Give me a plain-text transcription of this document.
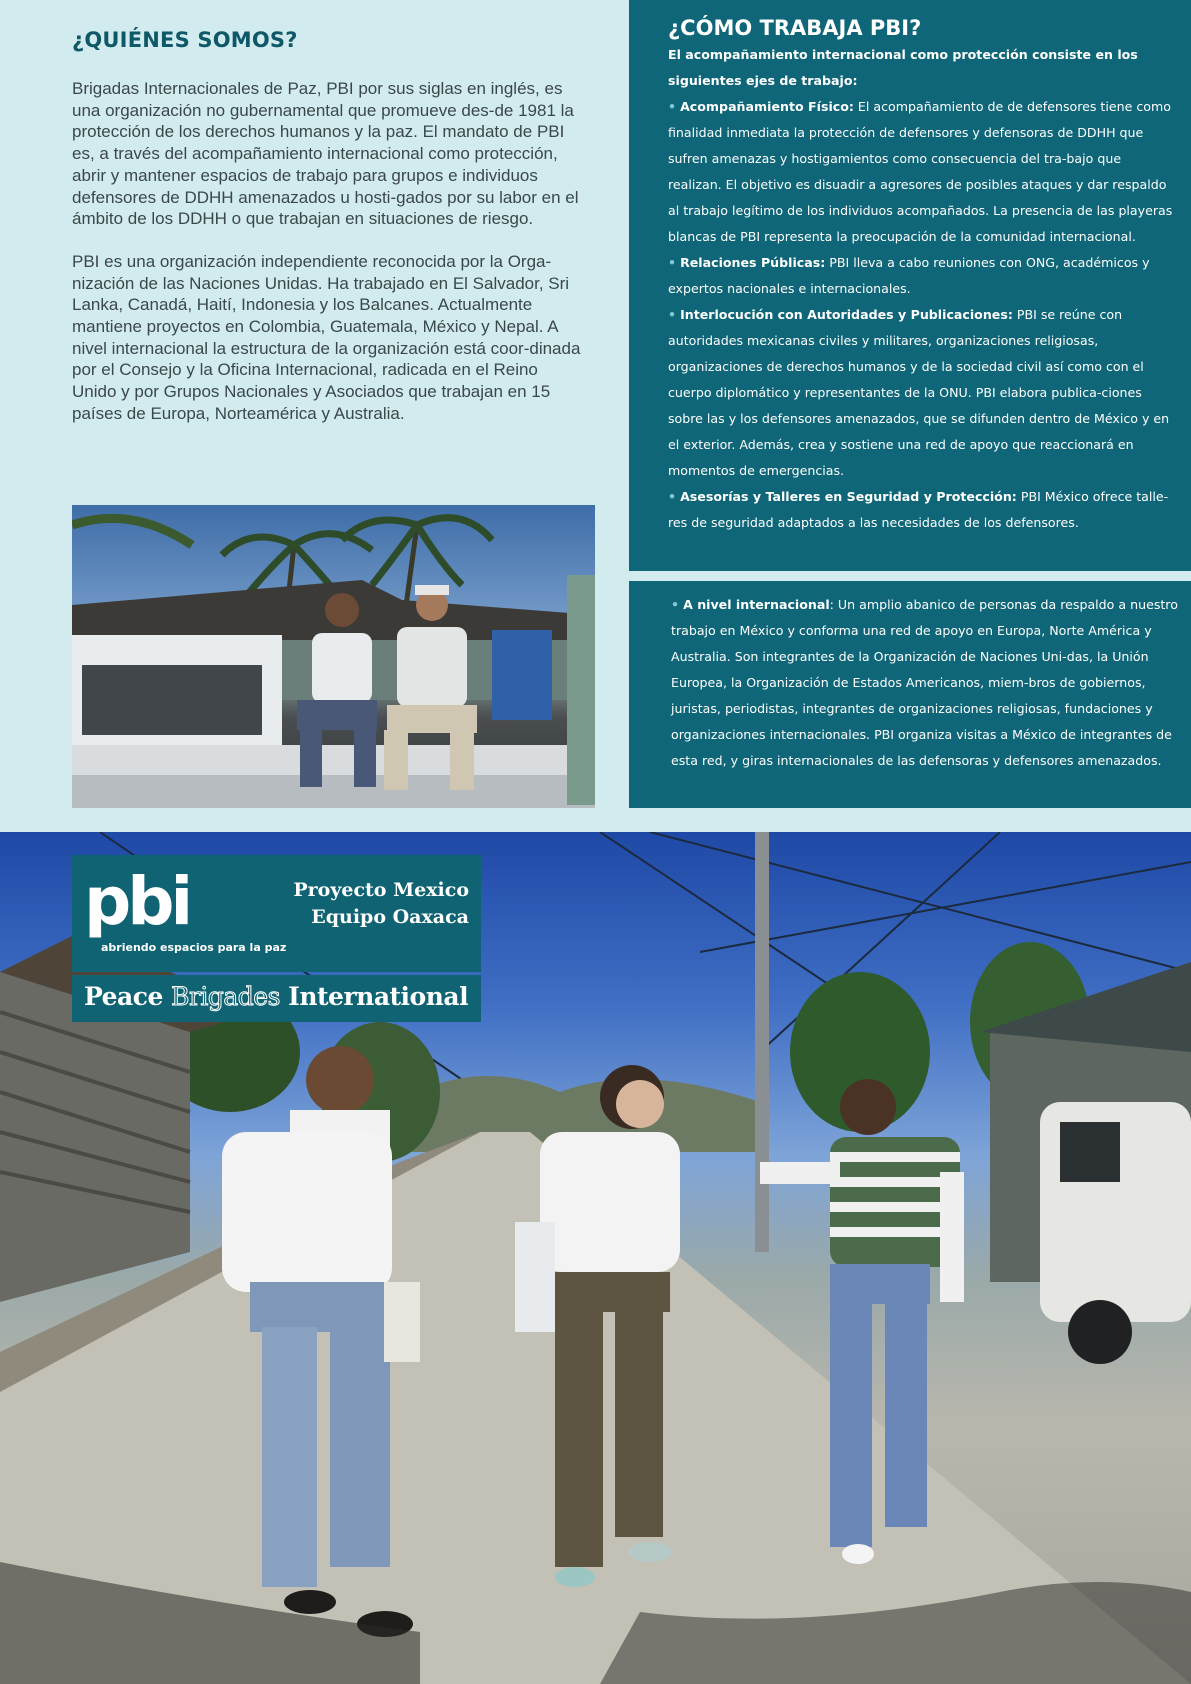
¿QUIÉNES SOMOS?

Brigadas Internacionales de Paz, PBI por sus siglas en inglés, es una organización no gubernamental que promueve des-de 1981 la protección de los derechos humanos y la paz. El mandato de PBI es, a través del acompañamiento internacional como protección, abrir y mantener espacios de trabajo para grupos e individuos defensores de DDHH amenazados u hosti-gados por su labor en el ámbito de los DDHH o que trabajan en situaciones de riesgo.

PBI es una organización independiente reconocida por la Orga-nización de las Naciones Unidas. Ha trabajado en El Salvador, Sri Lanka, Canadá, Haití, Indonesia y los Balcanes. Actualmente mantiene proyectos en Colombia, Guatemala, México y Nepal. A nivel internacional la estructura de la organización está coor-dinada por el Consejo y la Oficina Internacional, radicada en el Reino Unido y por Grupos Nacionales y Asociados que trabajan en 15 países de Europa, Norteamérica y Australia.

¿CÓMO TRABAJA PBI?

El acompañamiento internacional como protección consiste en los siguientes ejes de trabajo:

• Acompañamiento Físico: El acompañamiento de de defensores tiene como finalidad inmediata la protección de defensores y defensoras de DDHH que sufren amenazas y hostigamientos como consecuencia del tra-bajo que realizan. El objetivo es disuadir a agresores de posibles ataques y dar respaldo al trabajo legítimo de los individuos acompañados. La presencia de las playeras blancas de PBI representa la preocupación de la comunidad internacional.

• Relaciones Públicas: PBI lleva a cabo reuniones con ONG, académicos y expertos nacionales e internacionales.

• Interlocución con Autoridades y Publicaciones: PBI se reúne con autoridades mexicanas civiles y militares, organizaciones religiosas, organizaciones de derechos humanos y de la sociedad civil así como con el cuerpo diplomático y representantes de la ONU. PBI elabora publica-ciones sobre las y los defensores amenazados, que se difunden dentro de México y en el exterior. Además, crea y sostiene una red de apoyo que reaccionará en momentos de emergencias.

• Asesorías y Talleres en Seguridad y Protección: PBI México ofrece talle-res de seguridad adaptados a las necesidades de los defensores.

• A nivel internacional: Un amplio abanico de personas da respaldo a nuestro trabajo en México y conforma una red de apoyo en Europa, Norte América y Australia. Son integrantes de la Organización de Naciones Uni-das, la Unión Europea, la Organización de Estados Americanos, miem-bros de gobiernos, juristas, periodistas, integrantes de organizaciones religiosas, fundaciones y organizaciones internacionales. PBI organiza visitas a México de integrantes de esta red, y giras internacionales de las defensoras y defensores amenazados.

pbi
abriendo espacios para la paz
Proyecto Mexico
Equipo Oaxaca
Peace Brigades International
